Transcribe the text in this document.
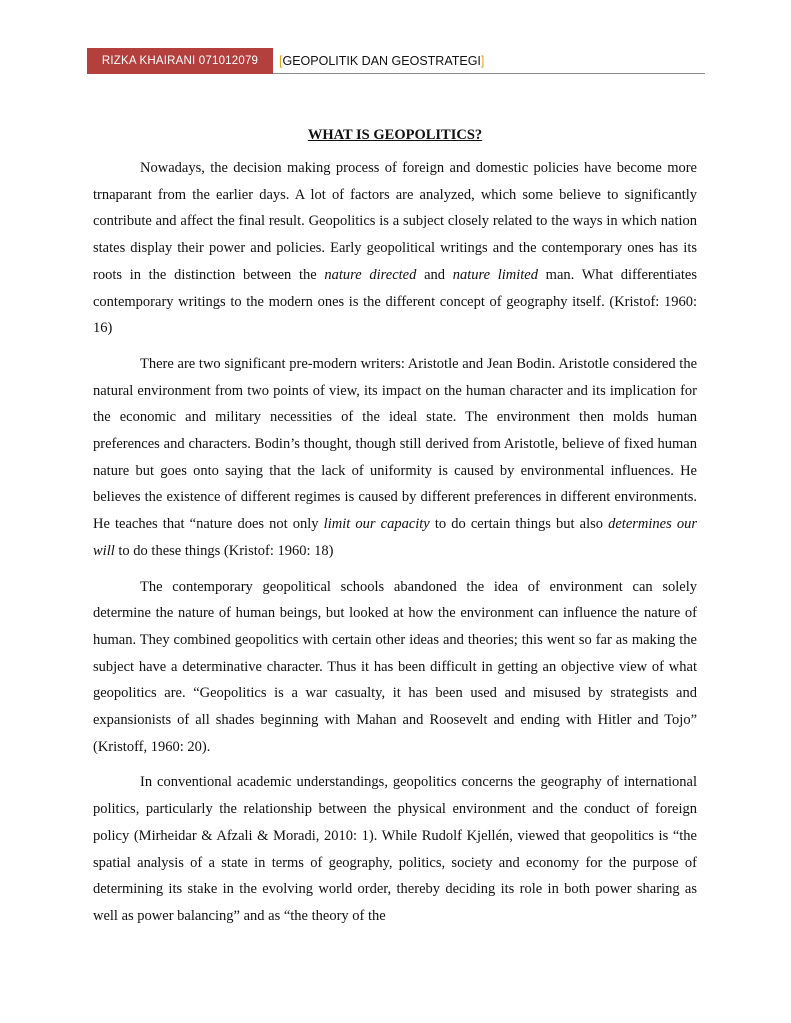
RIZKA KHAIRANI 071012079	[GEOPOLITIK DAN GEOSTRATEGI]
WHAT IS GEOPOLITICS?

Nowadays, the decision making process of foreign and domestic policies have become more trnaparant from the earlier days. A lot of factors are analyzed, which some believe to significantly contribute and affect the final result. Geopolitics is a subject closely related to the ways in which nation states display their power and policies. Early geopolitical writings and the contemporary ones has its roots in the distinction between the nature directed and nature limited man. What differentiates contemporary writings to the modern ones is the different concept of geography itself. (Kristof: 1960: 16)

There are two significant pre-modern writers: Aristotle and Jean Bodin. Aristotle considered the natural environment from two points of view, its impact on the human character and its implication for the economic and military necessities of the ideal state. The environment then molds human preferences and characters. Bodin’s thought, though still derived from Aristotle, believe of fixed human nature but goes onto saying that the lack of uniformity is caused by environmental influences. He believes the existence of different regimes is caused by different preferences in different environments. He teaches that “nature does not only limit our capacity to do certain things but also determines our will to do these things (Kristof: 1960: 18)

The contemporary geopolitical schools abandoned the idea of environment can solely determine the nature of human beings, but looked at how the environment can influence the nature of human. They combined geopolitics with certain other ideas and theories; this went so far as making the subject have a determinative character. Thus it has been difficult in getting an objective view of what geopolitics are. “Geopolitics is a war casualty, it has been used and misused by strategists and expansionists of all shades beginning with Mahan and Roosevelt and ending with Hitler and Tojo” (Kristoff, 1960: 20).

In conventional academic understandings, geopolitics concerns the geography of international politics, particularly the relationship between the physical environment and the conduct of foreign policy (Mirheidar & Afzali & Moradi, 2010: 1). While Rudolf Kjellén, viewed that geopolitics is “the spatial analysis of a state in terms of geography, politics, society and economy for the purpose of determining its stake in the evolving world order, thereby deciding its role in both power sharing as well as power balancing” and as “the theory of the
